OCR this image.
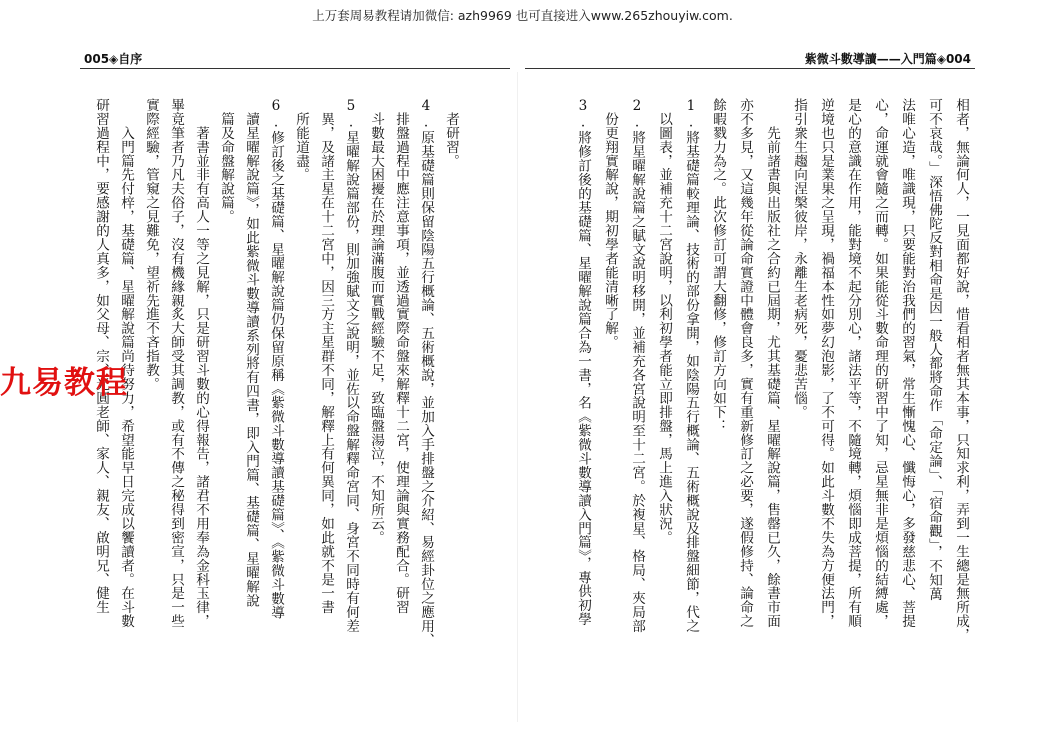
上万套周易教程请加微信: azh9969 也可直接进入www.265zhouyiw.com.
005◈自序	紫微斗數導讀——入門篇◈004
相者，無論何人，一見面都好說，惜看相者無其本事，只知求利，弄到一生總是無所成，
可不哀哉。」深悟佛陀反對相命是因一般人都將命作「命定論」、「宿命觀」，不知萬
法唯心造，唯識現，只要能對治我們的習氣，常生慚愧心、懺悔心，多發慈悲心、菩提
心，命運就會隨之而轉。如果能從斗數命理的研習中了知，忌星無非是煩惱的結縛處，
是心的意識在作用，能對境不起分別心，諸法平等，不隨境轉，煩惱即成菩提，所有順
逆境也只是業果之呈現，禍福本性如夢幻泡影，了不可得。如此斗數不失為方便法門，
指引衆生趨向涅槃彼岸，永離生老病死，憂悲苦惱。
　　先前諸書與出版社之合約已屆期，尤其基礎篇、星曜解說篇，售罄已久，餘書市面
亦不多見，又這幾年從論命實證中體會良多，實有重新修訂之必要，遂假修持、論命之
餘暇戮力為之。此次修訂可謂大翻修，修訂方向如下：
1.將基礎篇較理論、技術的部份拿開，如陰陽五行概論、五術概說及排盤細節，代之
　以圖表，並補充十二宮說明，以利初學者能立即排盤，馬上進入狀況。
2.將星曜解說篇之賦文說明移開，並補充各宮說明至十二宮。於複星、格局、夾局部
　份更翔實解說，期初學者能清晰了解。
3.將修訂後的基礎篇、星曜解說篇合為一書，名《紫微斗數導讀入門篇》，專供初學
　者研習。
4.原基礎篇則保留陰陽五行概論、五術概說，並加入手排盤之介紹、易經卦位之應用、
　排盤過程中應注意事項，並透過實際命盤來解釋十二宮，使理論與實務配合。研習
　斗數最大困擾在於理論滿腹而實戰經驗不足，致臨盤湯泣，不知所云。
5.星曜解說篇部份，則加強賦文之說明，並佐以命盤解釋命宮同、身宮不同時有何差
　異，及諸主星在十二宮中，因三方主星群不同，解釋上有何異同，如此就不是一書
　所能道盡。
6.修訂後之基礎篇、星曜解說篇仍保留原稱《紫微斗數導讀基礎篇》、《紫微斗數導
　讀星曜解說篇》，如此紫微斗數導讀系列將有四書，即入門篇、基礎篇、星曜解說
　篇及命盤解說篇。
　　著書並非有高人一等之見解，只是研習斗數的心得報告，諸君不用奉為金科玉律，
畢竟筆者乃凡夫俗子，沒有機緣親炙大師受其調教，或有不傳之秘得到密宣，只是一些
實際經驗，管窺之見難免，望祈先進不吝指教。
　　入門篇先付梓，基礎篇、星曜解說篇尚待努力，希望能早日完成以饗讀者。在斗數
研習過程中，要感謝的人真多，如父母、宗、光圓老師、家人、親友、啟明兄、健生
九易教程
